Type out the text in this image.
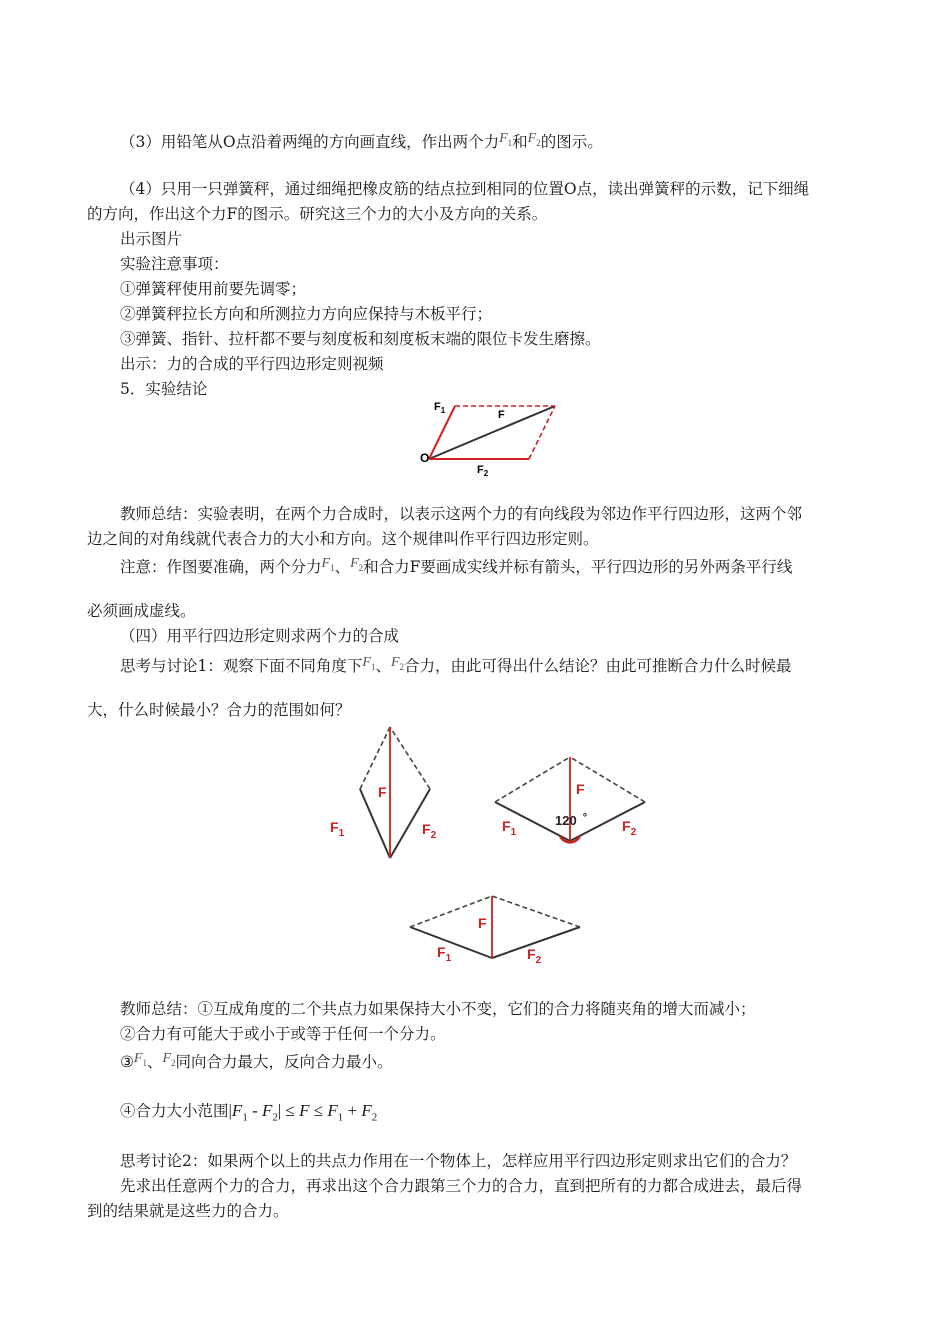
（3）用铅笔从O点沿着两绳的方向画直线，作出两个力$F_1$和$F_2$的图示。
（4）只用一只弹簧秤，通过细绳把橡皮筋的结点拉到相同的位置O点，读出弹簧秤的示数，记下细绳
的方向，作出这个力F的图示。研究这三个力的大小及方向的关系。
出示图片
实验注意事项：
①弹簧秤使用前要先调零；
②弹簧秤拉长方向和所测拉力方向应保持与木板平行；
③弹簧、指针、拉杆都不要与刻度板和刻度板末端的限位卡发生磨擦。
出示：力的合成的平行四边形定则视频
5．实验结论
$F_1$	F
$F_2$
O
教师总结：实验表明，在两个力合成时，以表示这两个力的有向线段为邻边作平行四边形，这两个邻
边之间的对角线就代表合力的大小和方向。这个规律叫作平行四边形定则。
注意：作图要准确，两个分力$F_1$、$F_2$和合力F要画成实线并标有箭头，平行四边形的另外两条平行线
必须画成虚线。
（四）用平行四边形定则求两个力的合成
思考与讨论1：观察下面不同角度下$F_1$、$F_2$合力，由此可得出什么结论？由此可推断合力什么时候最
大，什么时候最小？合力的范围如何？
F
$F_1$	$F_2$
F
120 °
$F_1$	$F_2$
F
$F_1$	$F_2$
教师总结：①互成角度的二个共点力如果保持大小不变，它们的合力将随夹角的增大而减小；
②合力有可能大于或小于或等于任何一个分力。
$③F_1$、$F_2$同向合力最大，反向合力最小。
④合力大小范围$|F_1 - F_2| \le F \le F_1 + F_2$
思考讨论2：如果两个以上的共点力作用在一个物体上，怎样应用平行四边形定则求出它们的合力？
先求出任意两个力的合力，再求出这个合力跟第三个力的合力，直到把所有的力都合成进去，最后得
到的结果就是这些力的合力。
